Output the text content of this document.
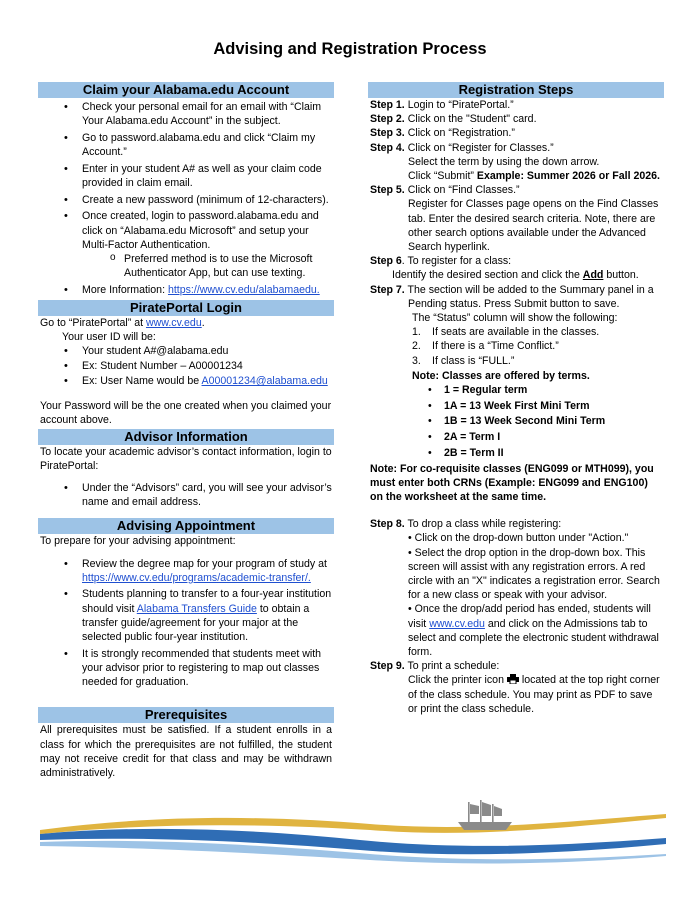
Advising and Registration Process
Claim your Alabama.edu Account
• Check your personal email for an email with “Claim Your Alabama.edu Account” in the subject.
• Go to password.alabama.edu and click “Claim my Account.”
• Enter in your student A# as well as your claim code provided in claim email.
• Create a new password (minimum of 12-characters).
• Once created, login to password.alabama.edu and click on “Alabama.edu Microsoft” and setup your Multi-Factor Authentication.
o Preferred method is to use the Microsoft Authenticator App, but can use texting.
• More Information: https://www.cv.edu/alabamaedu.
PiratePortal Login

Go to “PiratePortal” at www.cv.edu.

Your user ID will be:

• Your student A#@alabama.edu
• Ex: Student Number – A00001234
• Ex: User Name would be A00001234@alabama.edu

Your Password will be the one created when you claimed your account above.

Advisor Information

To locate your academic advisor’s contact information, login to PiratePortal:

• Under the “Advisors” card, you will see your advisor’s name and email address.
Advising Appointment

To prepare for your advising appointment:

• Review the degree map for your program of study at https://www.cv.edu/programs/academic-transfer/.
• Students planning to transfer to a four-year institution should visit Alabama Transfers Guide to obtain a transfer guide/agreement for your major at the selected public four-year institution.
• It is strongly recommended that students meet with your advisor prior to registering to map out classes needed for graduation.
Prerequisites

All prerequisites must be satisfied. If a student enrolls in a class for which the prerequisites are not fulfilled, the student may not receive credit for that class and may be withdrawn administratively.

Registration Steps

Step 1. Login to “PiratePortal.”

Step 2. Click on the "Student" card.

Step 3. Click on “Registration.”

Step 4. Click on “Register for Classes.”

Select the term by using the down arrow.

Click “Submit” Example: Summer 2026 or Fall 2026.

Step 5. Click on “Find Classes.”

Register for Classes page opens on the Find Classes tab. Enter the desired search criteria. Note, there are other search options available under the Advanced Search hyperlink.

Step 6. To register for a class:

Identify the desired section and click the Add button.

Step 7. The section will be added to the Summary panel in a Pending status. Press Submit button to save.

The “Status” column will show the following:

1. If seats are available in the classes.
2. If there is a “Time Conflict.”
3. If class is “FULL.”

Note: Classes are offered by terms.

• 1 = Regular term
• 1A = 13 Week First Mini Term
• 1B = 13 Week Second Mini Term
• 2A = Term I
• 2B = Term II

Note: For co-requisite classes (ENG099 or MTH099), you must enter both CRNs (Example: ENG099 and ENG100) on the worksheet at the same time.

Step 8. To drop a class while registering:

• Click on the drop-down button under "Action."

• Select the drop option in the drop-down box. This screen will assist with any registration errors. A red circle with an "X" indicates a registration error. Search for a new class or speak with your advisor.

• Once the drop/add period has ended, students will visit www.cv.edu and click on the Admissions tab to select and complete the electronic student withdrawal form.

Step 9. To print a schedule:

Click the printer icon  located at the top right corner of the class schedule. You may print as PDF to save or print the class schedule.
